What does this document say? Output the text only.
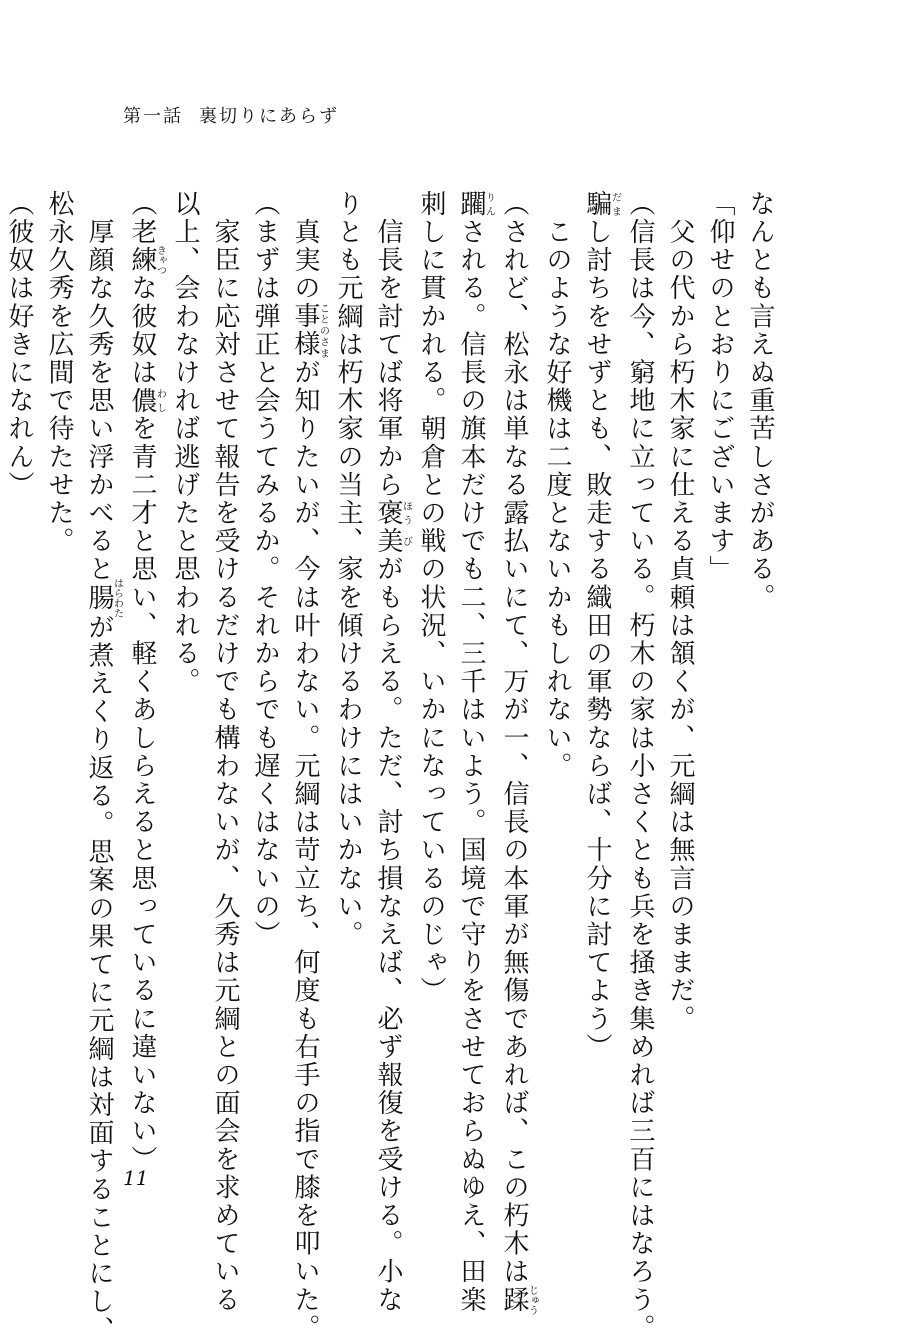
第一話 裏切りにあらず
なんとも言えぬ重苦しさがある。
「仰せのとおりにございます」
　父の代から朽木家に仕える貞頼は頷くが、元綱は無言のままだ。
（信長は今、窮地に立っている。朽木の家は小さくとも兵を掻き集めれば三百にはなろう。
騙だまし討ちをせずとも、敗走する織田の軍勢ならば、十分に討てよう）
　このような好機は二度とないかもしれない。
（されど、松永は単なる露払いにて、万が一、信長の本軍が無傷であれば、この朽木は蹂じゅう
躙りんされる。信長の旗本だけでも二、三千はいよう。国境で守りをさせておらぬゆえ、田楽
刺しに貫かれる。朝倉との戦の状況、いかになっているのじゃ）
　信長を討てば将軍から褒ほう美びがもらえる。ただ、討ち損なえば、必ず報復を受ける。小な
りとも元綱は朽木家の当主、家を傾けるわけにはいかない。
　真実の事様ことのさまが知りたいが、今は叶わない。元綱は苛立ち、何度も右手の指で膝を叩いた。
（まずは弾正と会うてみるか。それからでも遅くはないの）
　家臣に応対させて報告を受けるだけでも構わないが、久秀は元綱との面会を求めている
以上、会わなければ逃げたと思われる。
（老練きゃつな彼奴は儂わしを青二才と思い、軽くあしらえると思っているに違いない）
　厚顔な久秀を思い浮かべると腸はらわたが煮えくり返る。思案の果てに元綱は対面することにし、
松永久秀を広間で待たせた。
（彼奴は好きになれん）
11
